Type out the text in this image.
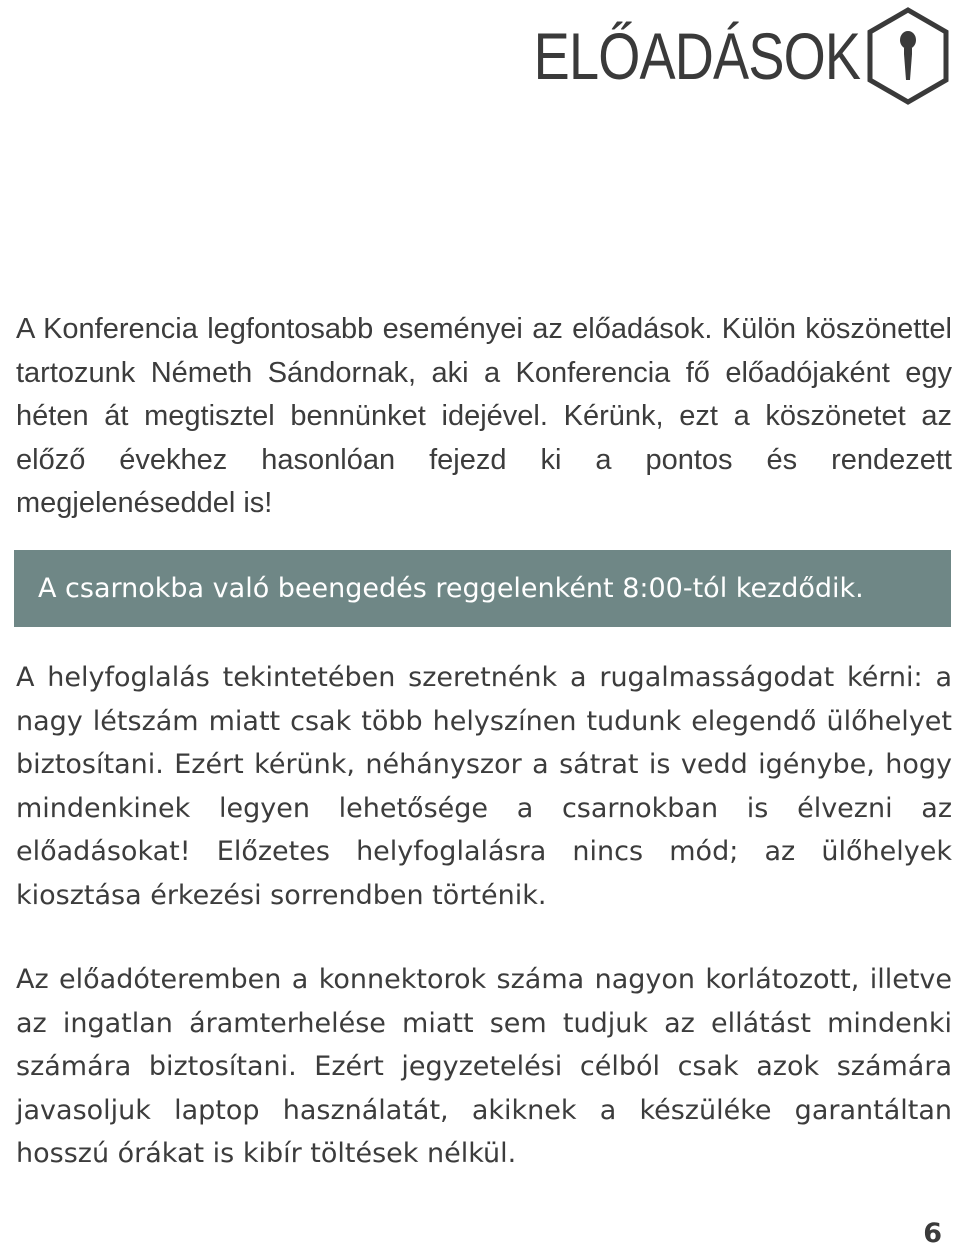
ELŐADÁSOK

A Konferencia legfontosabb eseményei az előadások. Külön köszönettel tartozunk Németh Sándornak, aki a Konferencia fő előadójaként egy héten át megtisztel bennünket idejével. Kérünk, ezt a köszönetet az előző évekhez hasonlóan fejezd ki a pontos és rendezett megjelenéseddel is!

A csarnokba való beengedés reggelenként 8:00-tól kezdődik.

A helyfoglalás tekintetében szeretnénk a rugalmasságodat kérni: a nagy létszám miatt csak több helyszínen tudunk elegendő ülőhelyet biztosítani. Ezért kérünk, néhányszor a sátrat is vedd igénybe, hogy mindenkinek legyen lehetősége a csarnokban is élvezni az előadásokat! Előzetes helyfoglalásra nincs mód; az ülőhelyek kiosztása érkezési sorrendben történik.

Az előadóteremben a konnektorok száma nagyon korlátozott, illetve az ingatlan áramterhelése miatt sem tudjuk az ellátást mindenki számára biztosítani. Ezért jegyzetelési célból csak azok számára javasoljuk laptop használatát, akiknek a készüléke garantáltan hosszú órákat is kibír töltések nélkül.

6
